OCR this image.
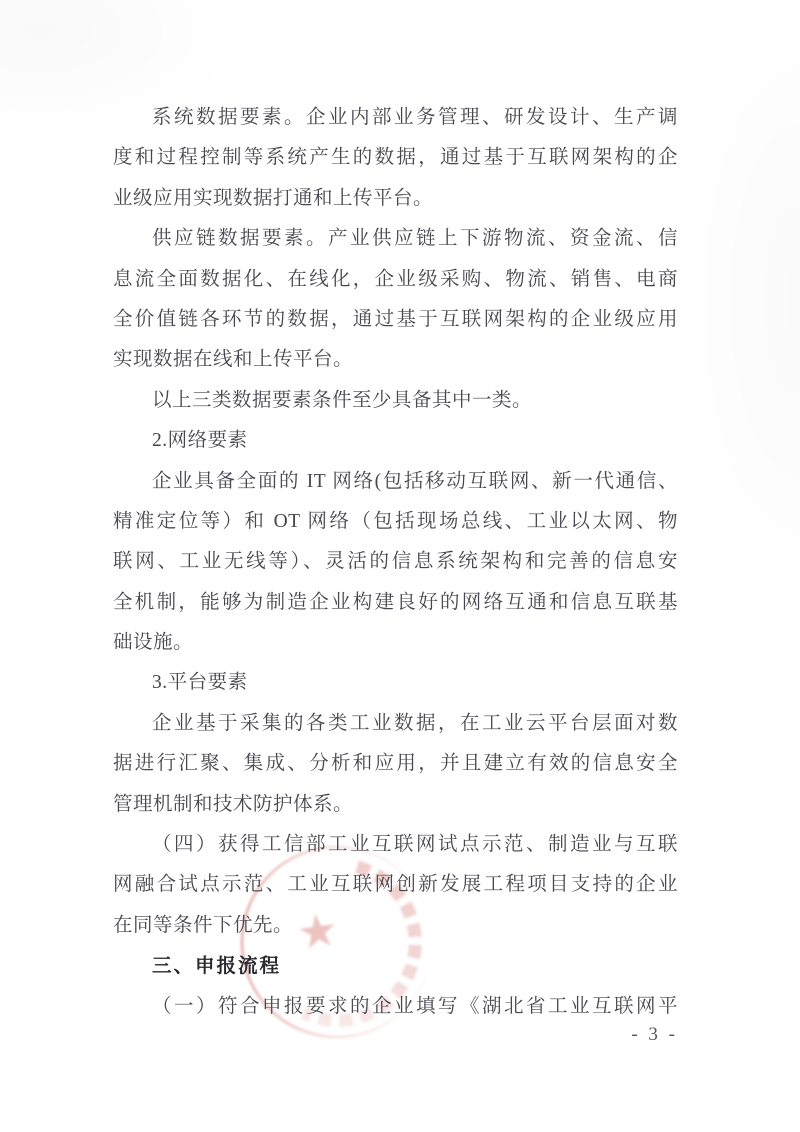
★
系统数据要素。企业内部业务管理、研发设计、生产调
度和过程控制等系统产生的数据，通过基于互联网架构的企
业级应用实现数据打通和上传平台。
供应链数据要素。产业供应链上下游物流、资金流、信
息流全面数据化、在线化，企业级采购、物流、销售、电商
全价值链各环节的数据，通过基于互联网架构的企业级应用
实现数据在线和上传平台。
以上三类数据要素条件至少具备其中一类。
2.网络要素
企业具备全面的 IT 网络(包括移动互联网、新一代通信、
精准定位等）和 OT 网络（包括现场总线、工业以太网、物
联网、工业无线等）、灵活的信息系统架构和完善的信息安
全机制，能够为制造企业构建良好的网络互通和信息互联基
础设施。
3.平台要素
企业基于采集的各类工业数据，在工业云平台层面对数
据进行汇聚、集成、分析和应用，并且建立有效的信息安全
管理机制和技术防护体系。
（四）获得工信部工业互联网试点示范、制造业与互联
网融合试点示范、工业互联网创新发展工程项目支持的企业
在同等条件下优先。
三、申报流程
（一）符合申报要求的企业填写《湖北省工业互联网平
- 3 -
